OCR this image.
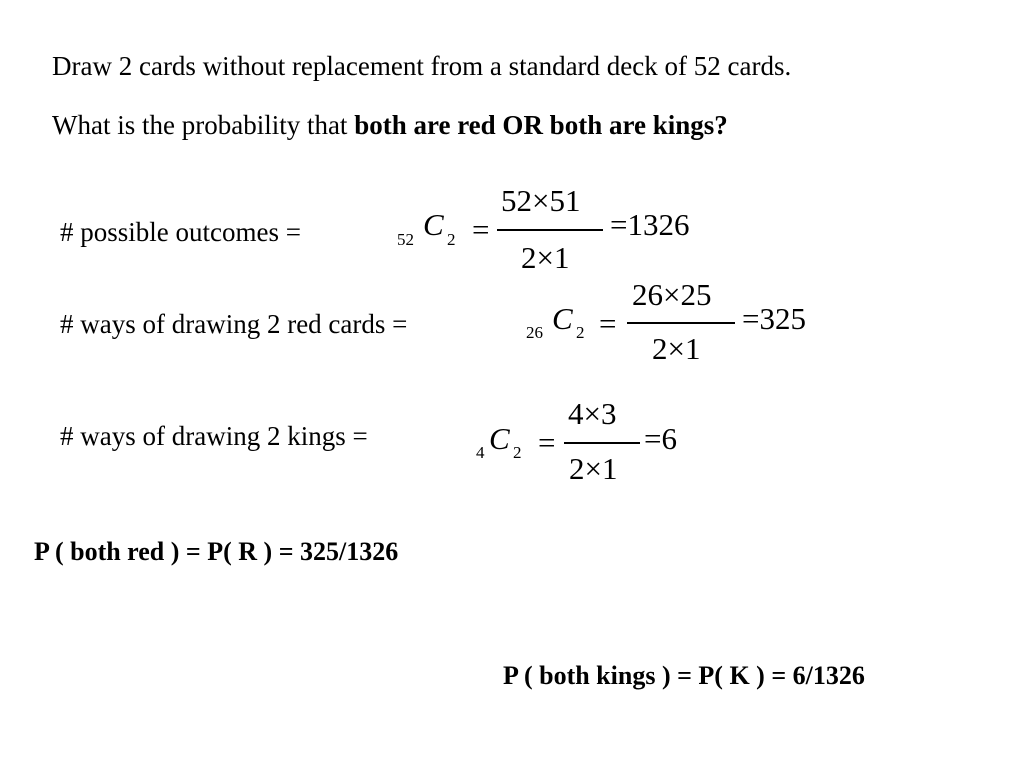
Draw 2 cards without replacement from a standard deck of 52 cards.
What is the probability that both are red OR both are kings?
# possible outcomes =	52 C 2 =
52×51
2×1
=1326
# ways of drawing 2 red cards =	26 C 2 =
26×25
2×1
=325
# ways of drawing 2 kings =
4 C 2 =
4×3
2×1
=6
P ( both red ) = P( R ) = 325/1326
P ( both kings ) = P( K ) = 6/1326
